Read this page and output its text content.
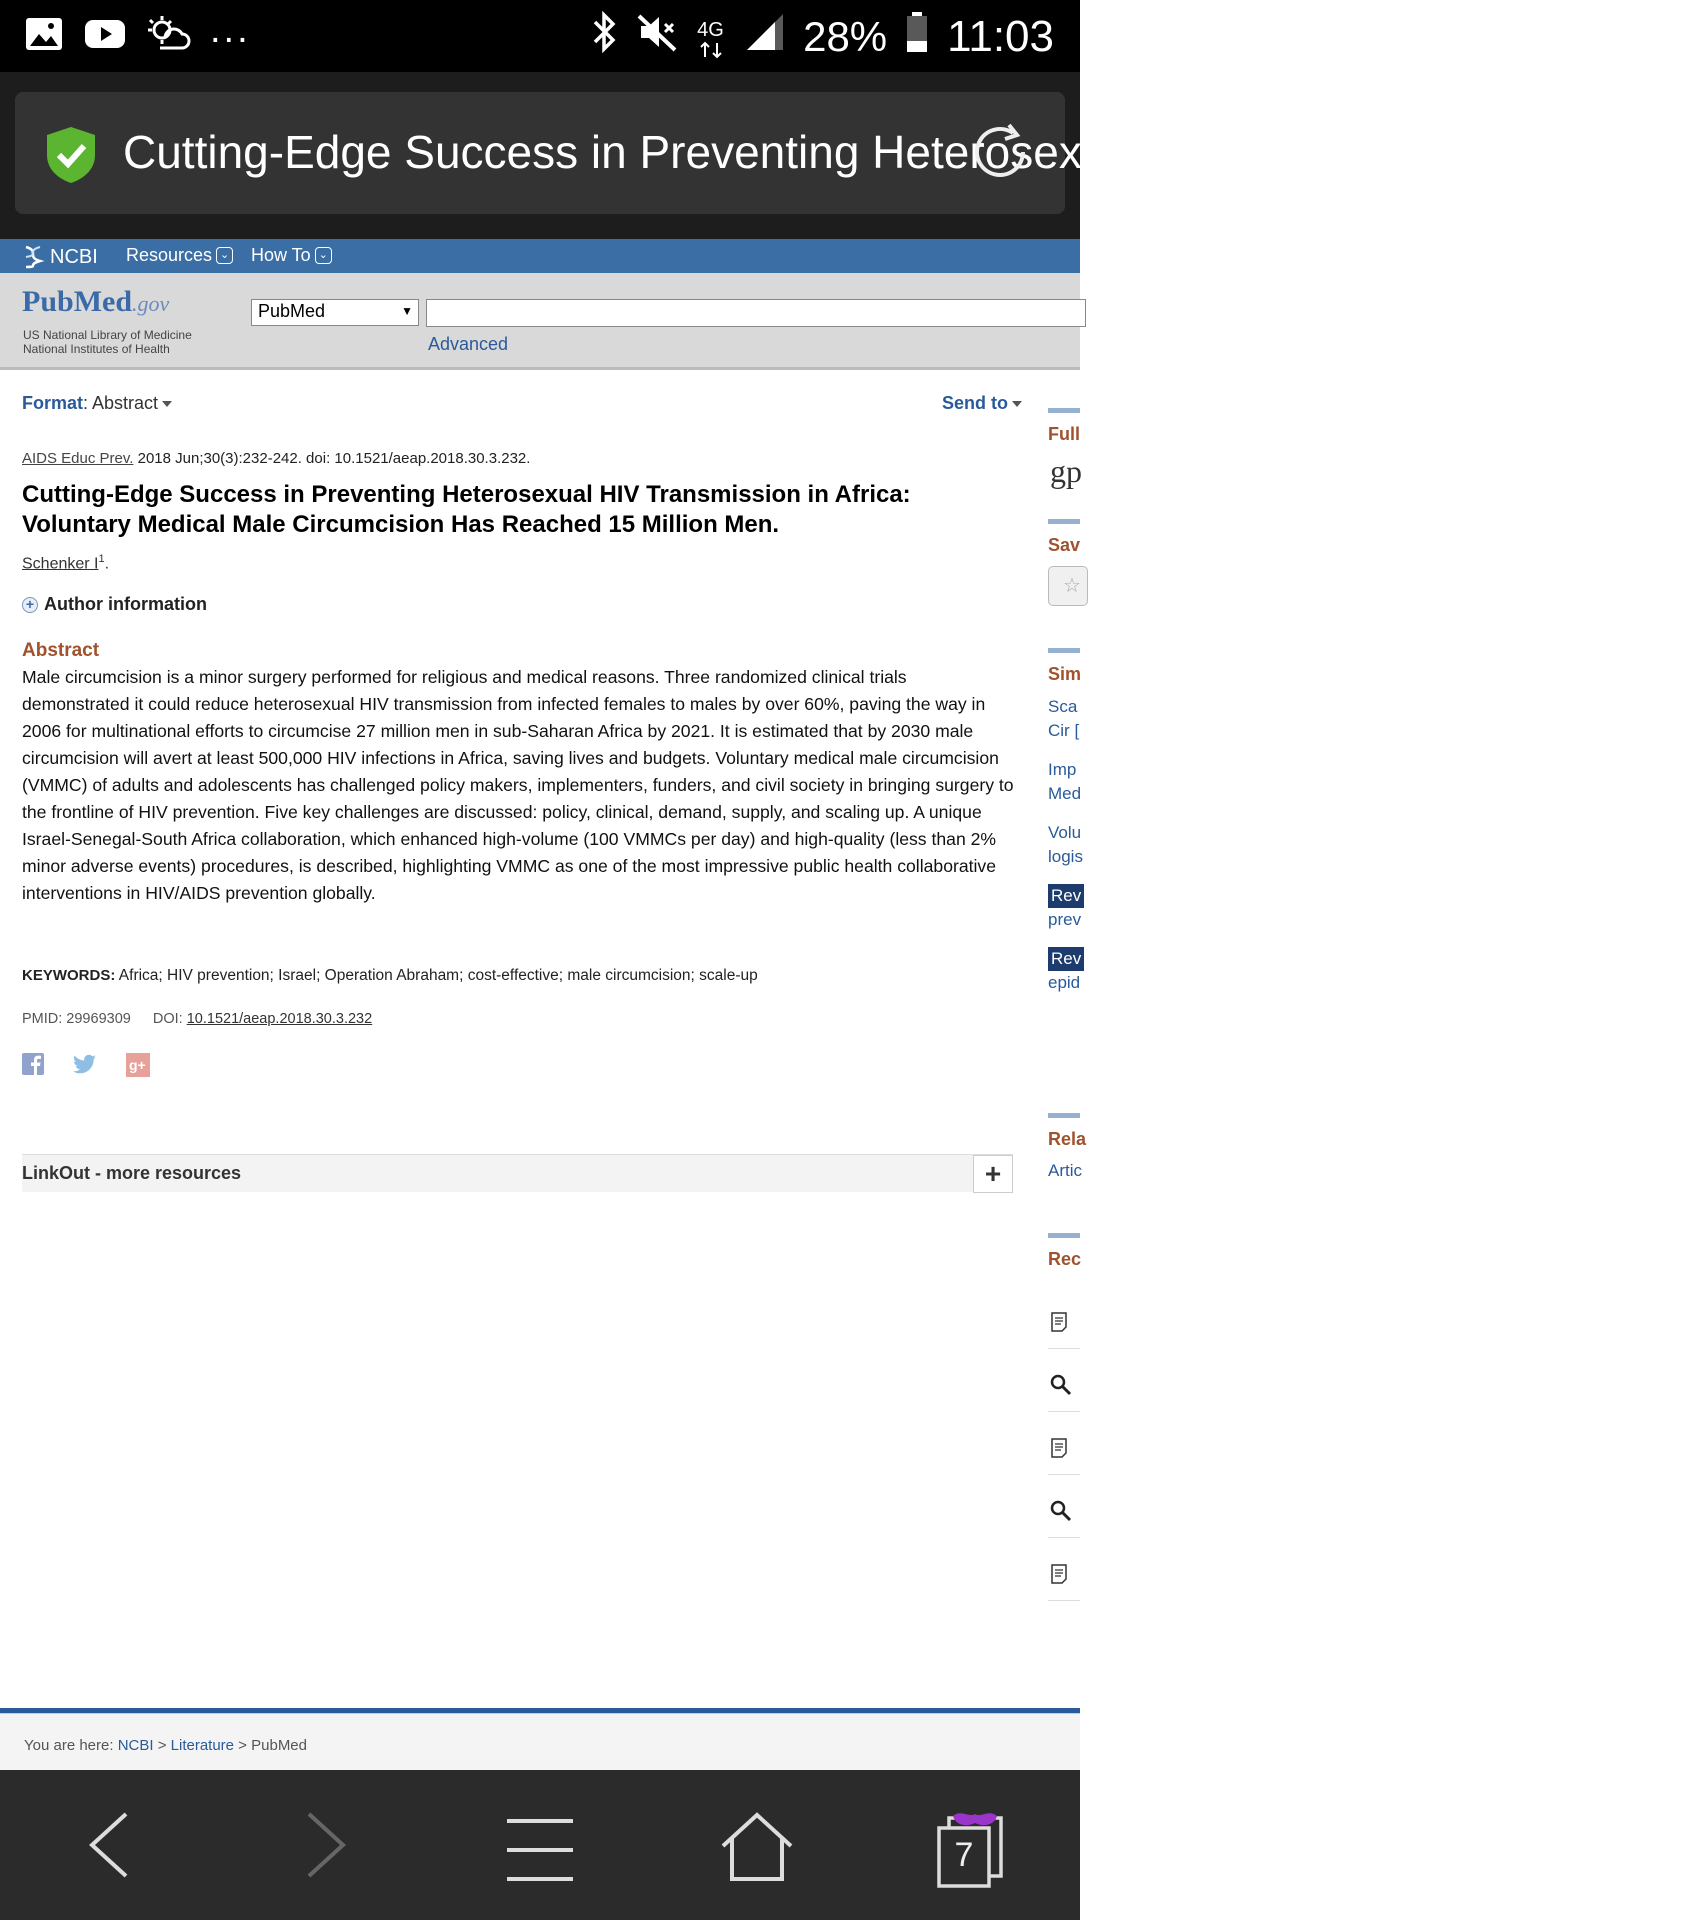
...	4G 28% 11:03
Cutting-Edge Success in Preventing Heterosexual HIV Transmission in Africa
NCBI Resources ⌄ How To ⌄
PubMed.gov
US National Library of Medicine
National Institutes of Health
PubMed	▼
Advanced
Format: Abstract	Send to
AIDS Educ Prev. 2018 Jun;30(3):232-242. doi: 10.1521/aeap.2018.30.3.232.
Cutting-Edge Success in Preventing Heterosexual HIV Transmission in Africa: Voluntary Medical Male Circumcision Has Reached 15 Million Men.
Schenker $I^1$.
+ Author information
Abstract

Male circumcision is a minor surgery performed for religious and medical reasons. Three randomized clinical trials demonstrated it could reduce heterosexual HIV transmission from infected females to males by over 60%, paving the way in 2006 for multinational efforts to circumcise 27 million men in sub-Saharan Africa by 2021. It is estimated that by 2030 male circumcision will avert at least 500,000 HIV infections in Africa, saving lives and budgets. Voluntary medical male circumcision (VMMC) of adults and adolescents has challenged policy makers, implementers, funders, and civil society in bringing surgery to the frontline of HIV prevention. Five key challenges are discussed: policy, clinical, demand, supply, and scaling up. A unique Israel-Senegal-South Africa collaboration, which enhanced high-volume (100 VMMCs per day) and high-quality (less than 2% minor adverse events) procedures, is described, highlighting VMMC as one of the most impressive public health collaborative interventions in HIV/AIDS prevention globally.

KEYWORDS: Africa; HIV prevention; Israel; Operation Abraham; cost-effective; male circumcision; scale-up
PMID: 29969309 DOI: 10.1521/aeap.2018.30.3.232
g+
LinkOut - more resources	+
Full
gp
Sav
☆
Sim
Sca
Cir [
Imp
Med
Volu
logis
Rev
prev
Rev
epid
Rela
Artic
Rec
You are here: NCBI > Literature > PubMed
7
